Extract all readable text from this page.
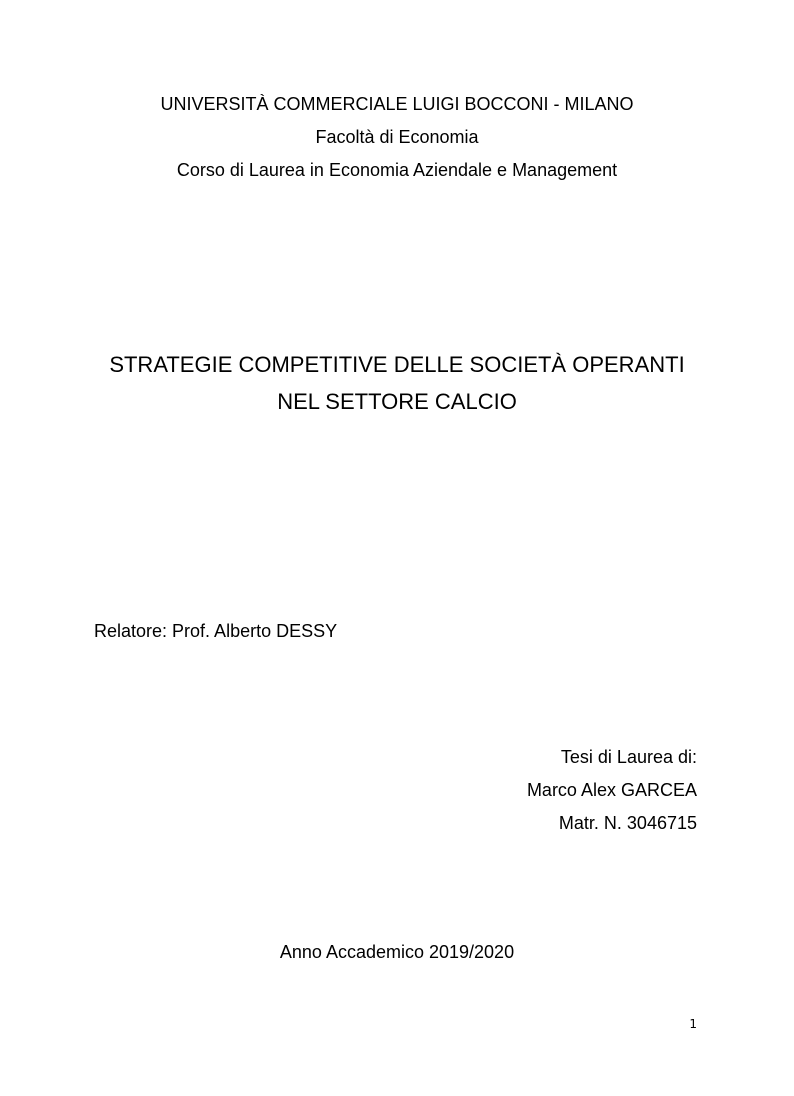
UNIVERSITÀ COMMERCIALE LUIGI BOCCONI - MILANO
Facoltà di Economia
Corso di Laurea in Economia Aziendale e Management
STRATEGIE COMPETITIVE DELLE SOCIETÀ OPERANTI
NEL SETTORE CALCIO
Relatore: Prof. Alberto DESSY
Tesi di Laurea di:
Marco Alex GARCEA
Matr. N. 3046715
Anno Accademico 2019/2020
1
